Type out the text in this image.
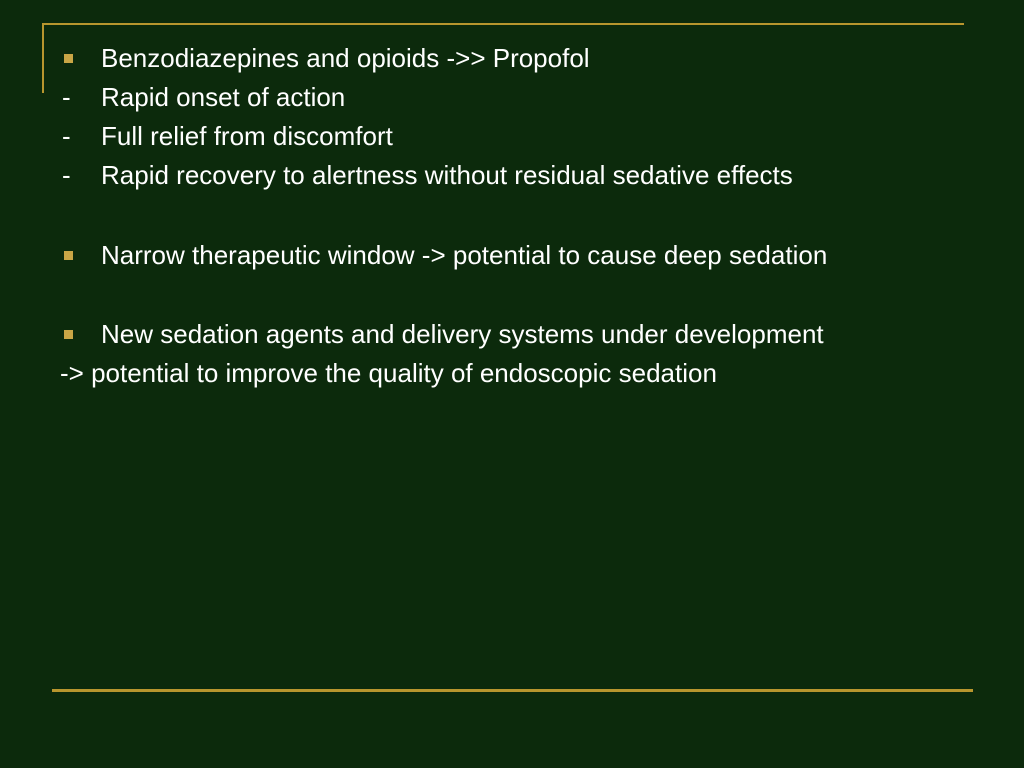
Benzodiazepines and opioids ->> Propofol
-	Rapid onset of action
-	Full relief from discomfort
-	Rapid recovery to alertness without residual sedative effects
Narrow therapeutic window -> potential to cause deep sedation
New sedation agents and delivery systems under development
-> potential to improve the quality of endoscopic sedation
